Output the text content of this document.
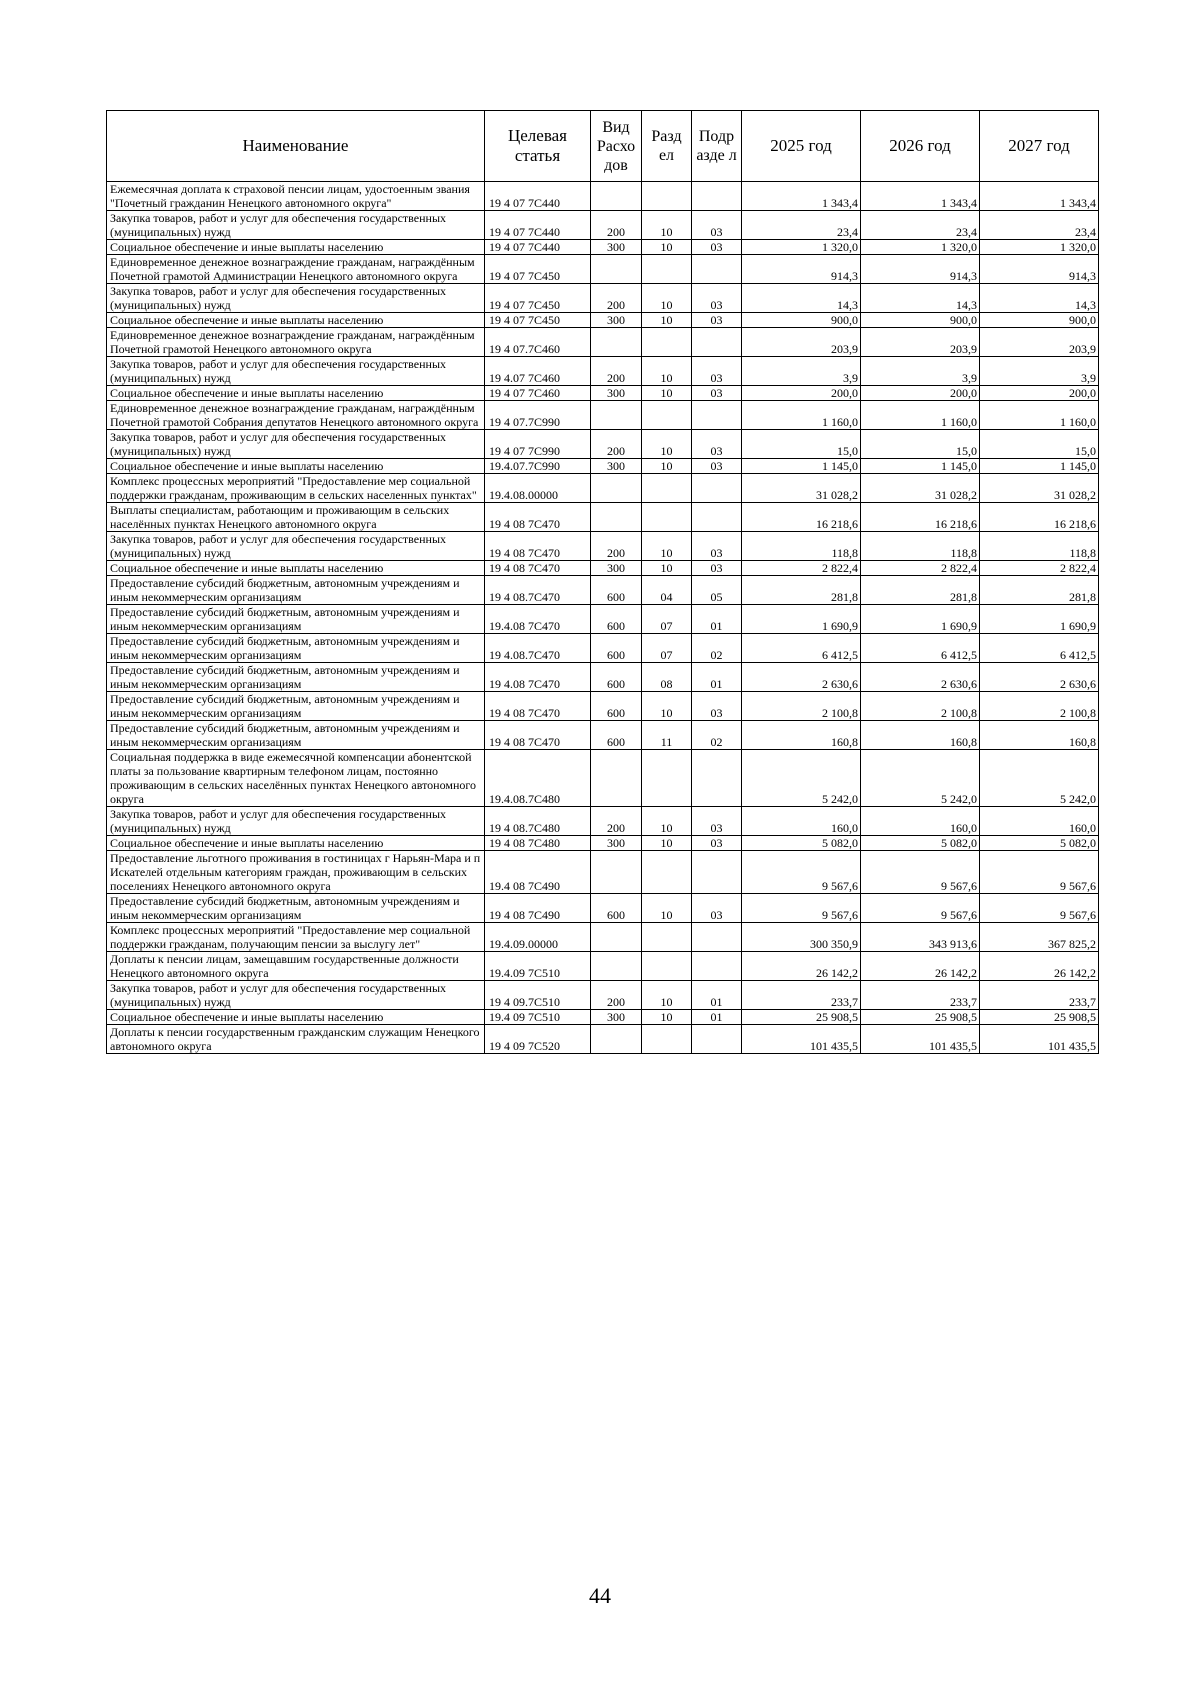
Наименование	Целевая статья	Вид Расхо дов	Разд ел	Подр азде л	2025 год	2026 год	2027 год
Ежемесячная доплата к страховой пенсии лицам, удостоенным звания "Почетный гражданин Ненецкого автономного округа"	19 4 07 7С440				1 343,4	1 343,4	1 343,4
Закупка товаров, работ и услуг для обеспечения государственных (муниципальных) нужд	19 4 07 7С440	200	10	03	23,4	23,4	23,4
Социальное обеспечение и иные выплаты населению	19 4 07 7С440	300	10	03	1 320,0	1 320,0	1 320,0
Единовременное денежное вознаграждение гражданам, награждённым Почетной грамотой Администрации Ненецкого автономного округа	19 4 07 7С450				914,3	914,3	914,3
Закупка товаров, работ и услуг для обеспечения государственных (муниципальных) нужд	19 4 07 7С450	200	10	03	14,3	14,3	14,3
Социальное обеспечение и иные выплаты населению	19 4 07 7С450	300	10	03	900,0	900,0	900,0
Единовременное денежное вознаграждение гражданам, награждённым Почетной грамотой Ненецкого автономного округа	19 4 07.7С460				203,9	203,9	203,9
Закупка товаров, работ и услуг для обеспечения государственных (муниципальных) нужд	19 4.07 7С460	200	10	03	3,9	3,9	3,9
Социальное обеспечение и иные выплаты населению	19 4 07 7С460	300	10	03	200,0	200,0	200,0
Единовременное денежное вознаграждение гражданам, награждённым Почетной грамотой Собрания депутатов Ненецкого автономного округа	19 4 07.7С990				1 160,0	1 160,0	1 160,0
Закупка товаров, работ и услуг для обеспечения государственных (муниципальных) нужд	19 4 07 7С990	200	10	03	15,0	15,0	15,0
Социальное обеспечение и иные выплаты населению	19.4.07.7С990	300	10	03	1 145,0	1 145,0	1 145,0
Комплекс процессных мероприятий "Предоставление мер социальной поддержки гражданам, проживающим в сельских населенных пунктах"	19.4.08.00000				31 028,2	31 028,2	31 028,2
Выплаты специалистам, работающим и проживающим в сельских населённых пунктах Ненецкого автономного округа	19 4 08 7С470				16 218,6	16 218,6	16 218,6
Закупка товаров, работ и услуг для обеспечения государственных (муниципальных) нужд	19 4 08 7С470	200	10	03	118,8	118,8	118,8
Социальное обеспечение и иные выплаты населению	19 4 08 7С470	300	10	03	2 822,4	2 822,4	2 822,4
Предоставление субсидий бюджетным, автономным учреждениям и иным некоммерческим организациям	19 4 08.7С470	600	04	05	281,8	281,8	281,8
Предоставление субсидий бюджетным, автономным учреждениям и иным некоммерческим организациям	19.4.08 7С470	600	07	01	1 690,9	1 690,9	1 690,9
Предоставление субсидий бюджетным, автономным учреждениям и иным некоммерческим организациям	19 4.08.7С470	600	07	02	6 412,5	6 412,5	6 412,5
Предоставление субсидий бюджетным, автономным учреждениям и иным некоммерческим организациям	19 4.08 7С470	600	08	01	2 630,6	2 630,6	2 630,6
Предоставление субсидий бюджетным, автономным учреждениям и иным некоммерческим организациям	19 4 08 7С470	600	10	03	2 100,8	2 100,8	2 100,8
Предоставление субсидий бюджетным, автономным учреждениям и иным некоммерческим организациям	19 4 08 7С470	600	11	02	160,8	160,8	160,8
Социальная поддержка в виде ежемесячной компенсации абонентской платы за пользование квартирным телефоном лицам, постоянно проживающим в сельских населённых пунктах Ненецкого автономного округа	19.4.08.7С480				5 242,0	5 242,0	5 242,0
Закупка товаров, работ и услуг для обеспечения государственных (муниципальных) нужд	19 4 08.7С480	200	10	03	160,0	160,0	160,0
Социальное обеспечение и иные выплаты населению	19 4 08 7С480	300	10	03	5 082,0	5 082,0	5 082,0
Предоставление льготного проживания в гостиницах г Нарьян-Мара и п Искателей отдельным категориям граждан, проживающим в сельских поселениях Ненецкого автономного округа	19.4 08 7С490				9 567,6	9 567,6	9 567,6
Предоставление субсидий бюджетным, автономным учреждениям и иным некоммерческим организациям	19 4 08 7С490	600	10	03	9 567,6	9 567,6	9 567,6
Комплекс процессных мероприятий "Предоставление мер социальной поддержки гражданам, получающим пенсии за выслугу лет"	19.4.09.00000				300 350,9	343 913,6	367 825,2
Доплаты к пенсии лицам, замещавшим государственные должности Ненецкого автономного округа	19.4.09 7С510				26 142,2	26 142,2	26 142,2
Закупка товаров, работ и услуг для обеспечения государственных (муниципальных) нужд	19 4 09.7С510	200	10	01	233,7	233,7	233,7
Социальное обеспечение и иные выплаты населению	19.4 09 7С510	300	10	01	25 908,5	25 908,5	25 908,5
Доплаты к пенсии государственным гражданским служащим Ненецкого автономного округа	19 4 09 7С520				101 435,5	101 435,5	101 435,5
44
